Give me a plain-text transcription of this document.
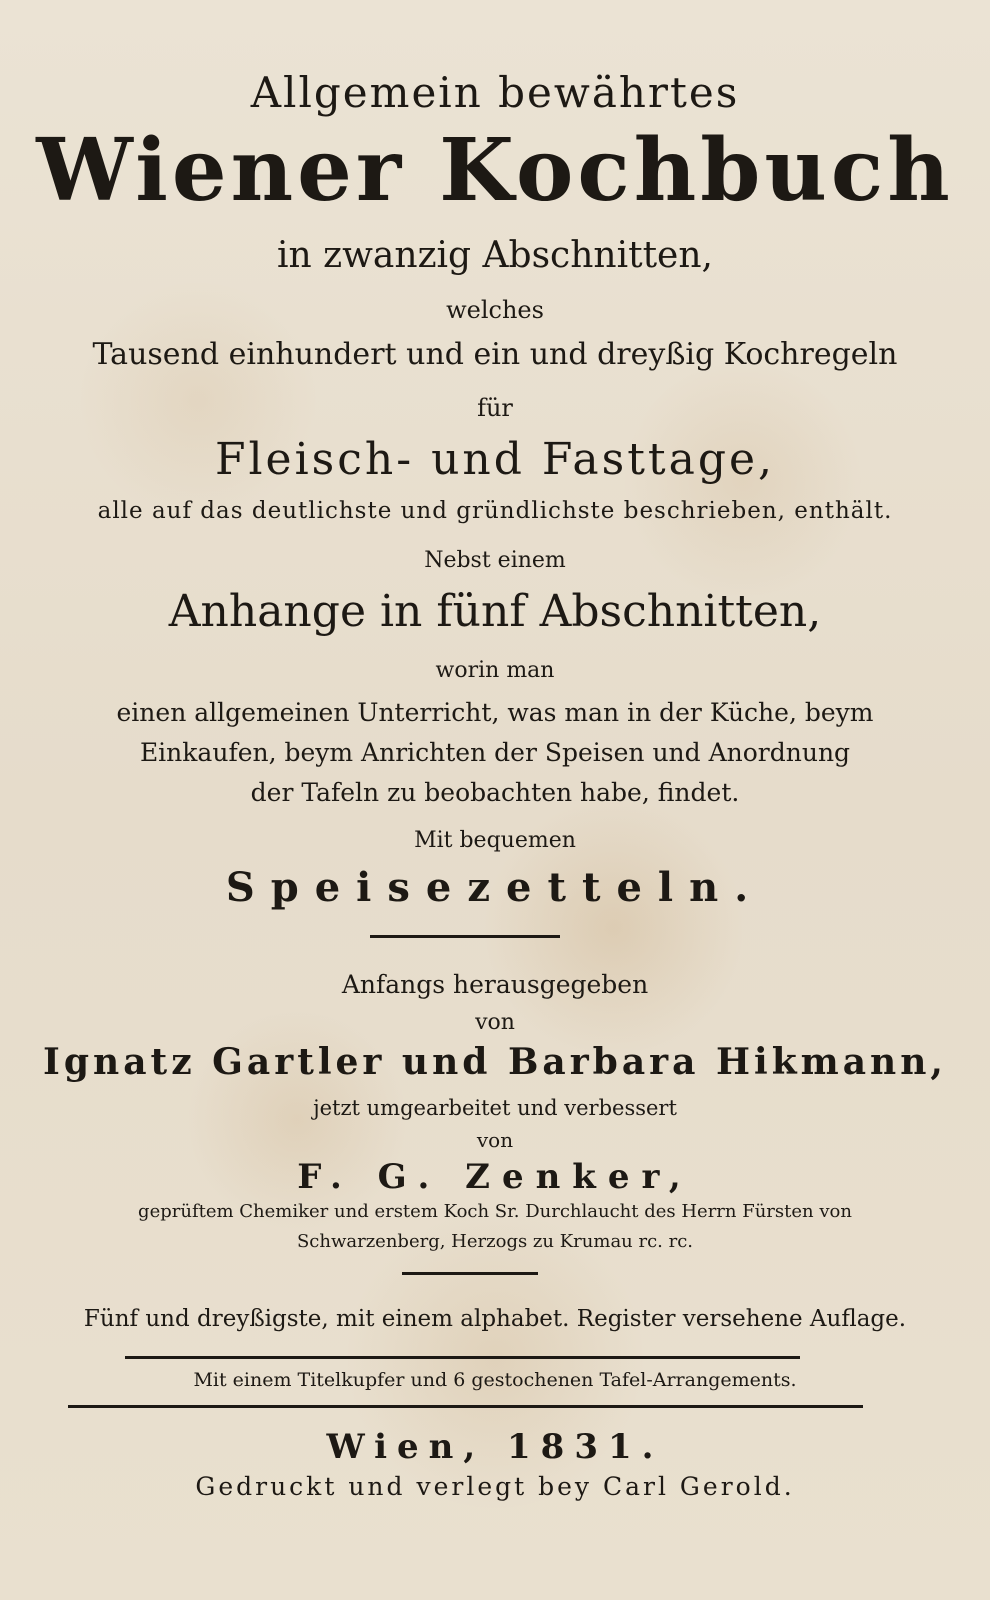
Allgemein bewährtes
Wiener Kochbuch
in zwanzig Abschnitten,
welches
Tausend einhundert und ein und dreyßig Kochregeln
für
Fleisch- und Fasttage,
alle auf das deutlichste und gründlichste beschrieben, enthält.
Nebst einem
Anhange in fünf Abschnitten,
worin man
einen allgemeinen Unterricht, was man in der Küche, beym
Einkaufen, beym Anrichten der Speisen und Anordnung
der Tafeln zu beobachten habe, findet.
Mit bequemen
Speisezetteln.
Anfangs herausgegeben
von
Ignatz Gartler und Barbara Hikmann,
jetzt umgearbeitet und verbessert
von
F. G. Zenker,
geprüftem Chemiker und erstem Koch Sr. Durchlaucht des Herrn Fürsten von
Schwarzenberg, Herzogs zu Krumau rc. rc.
Fünf und dreyßigste, mit einem alphabet. Register versehene Auflage.
Mit einem Titelkupfer und 6 gestochenen Tafel-Arrangements.
Wien, 1831.
Gedruckt und verlegt bey Carl Gerold.
